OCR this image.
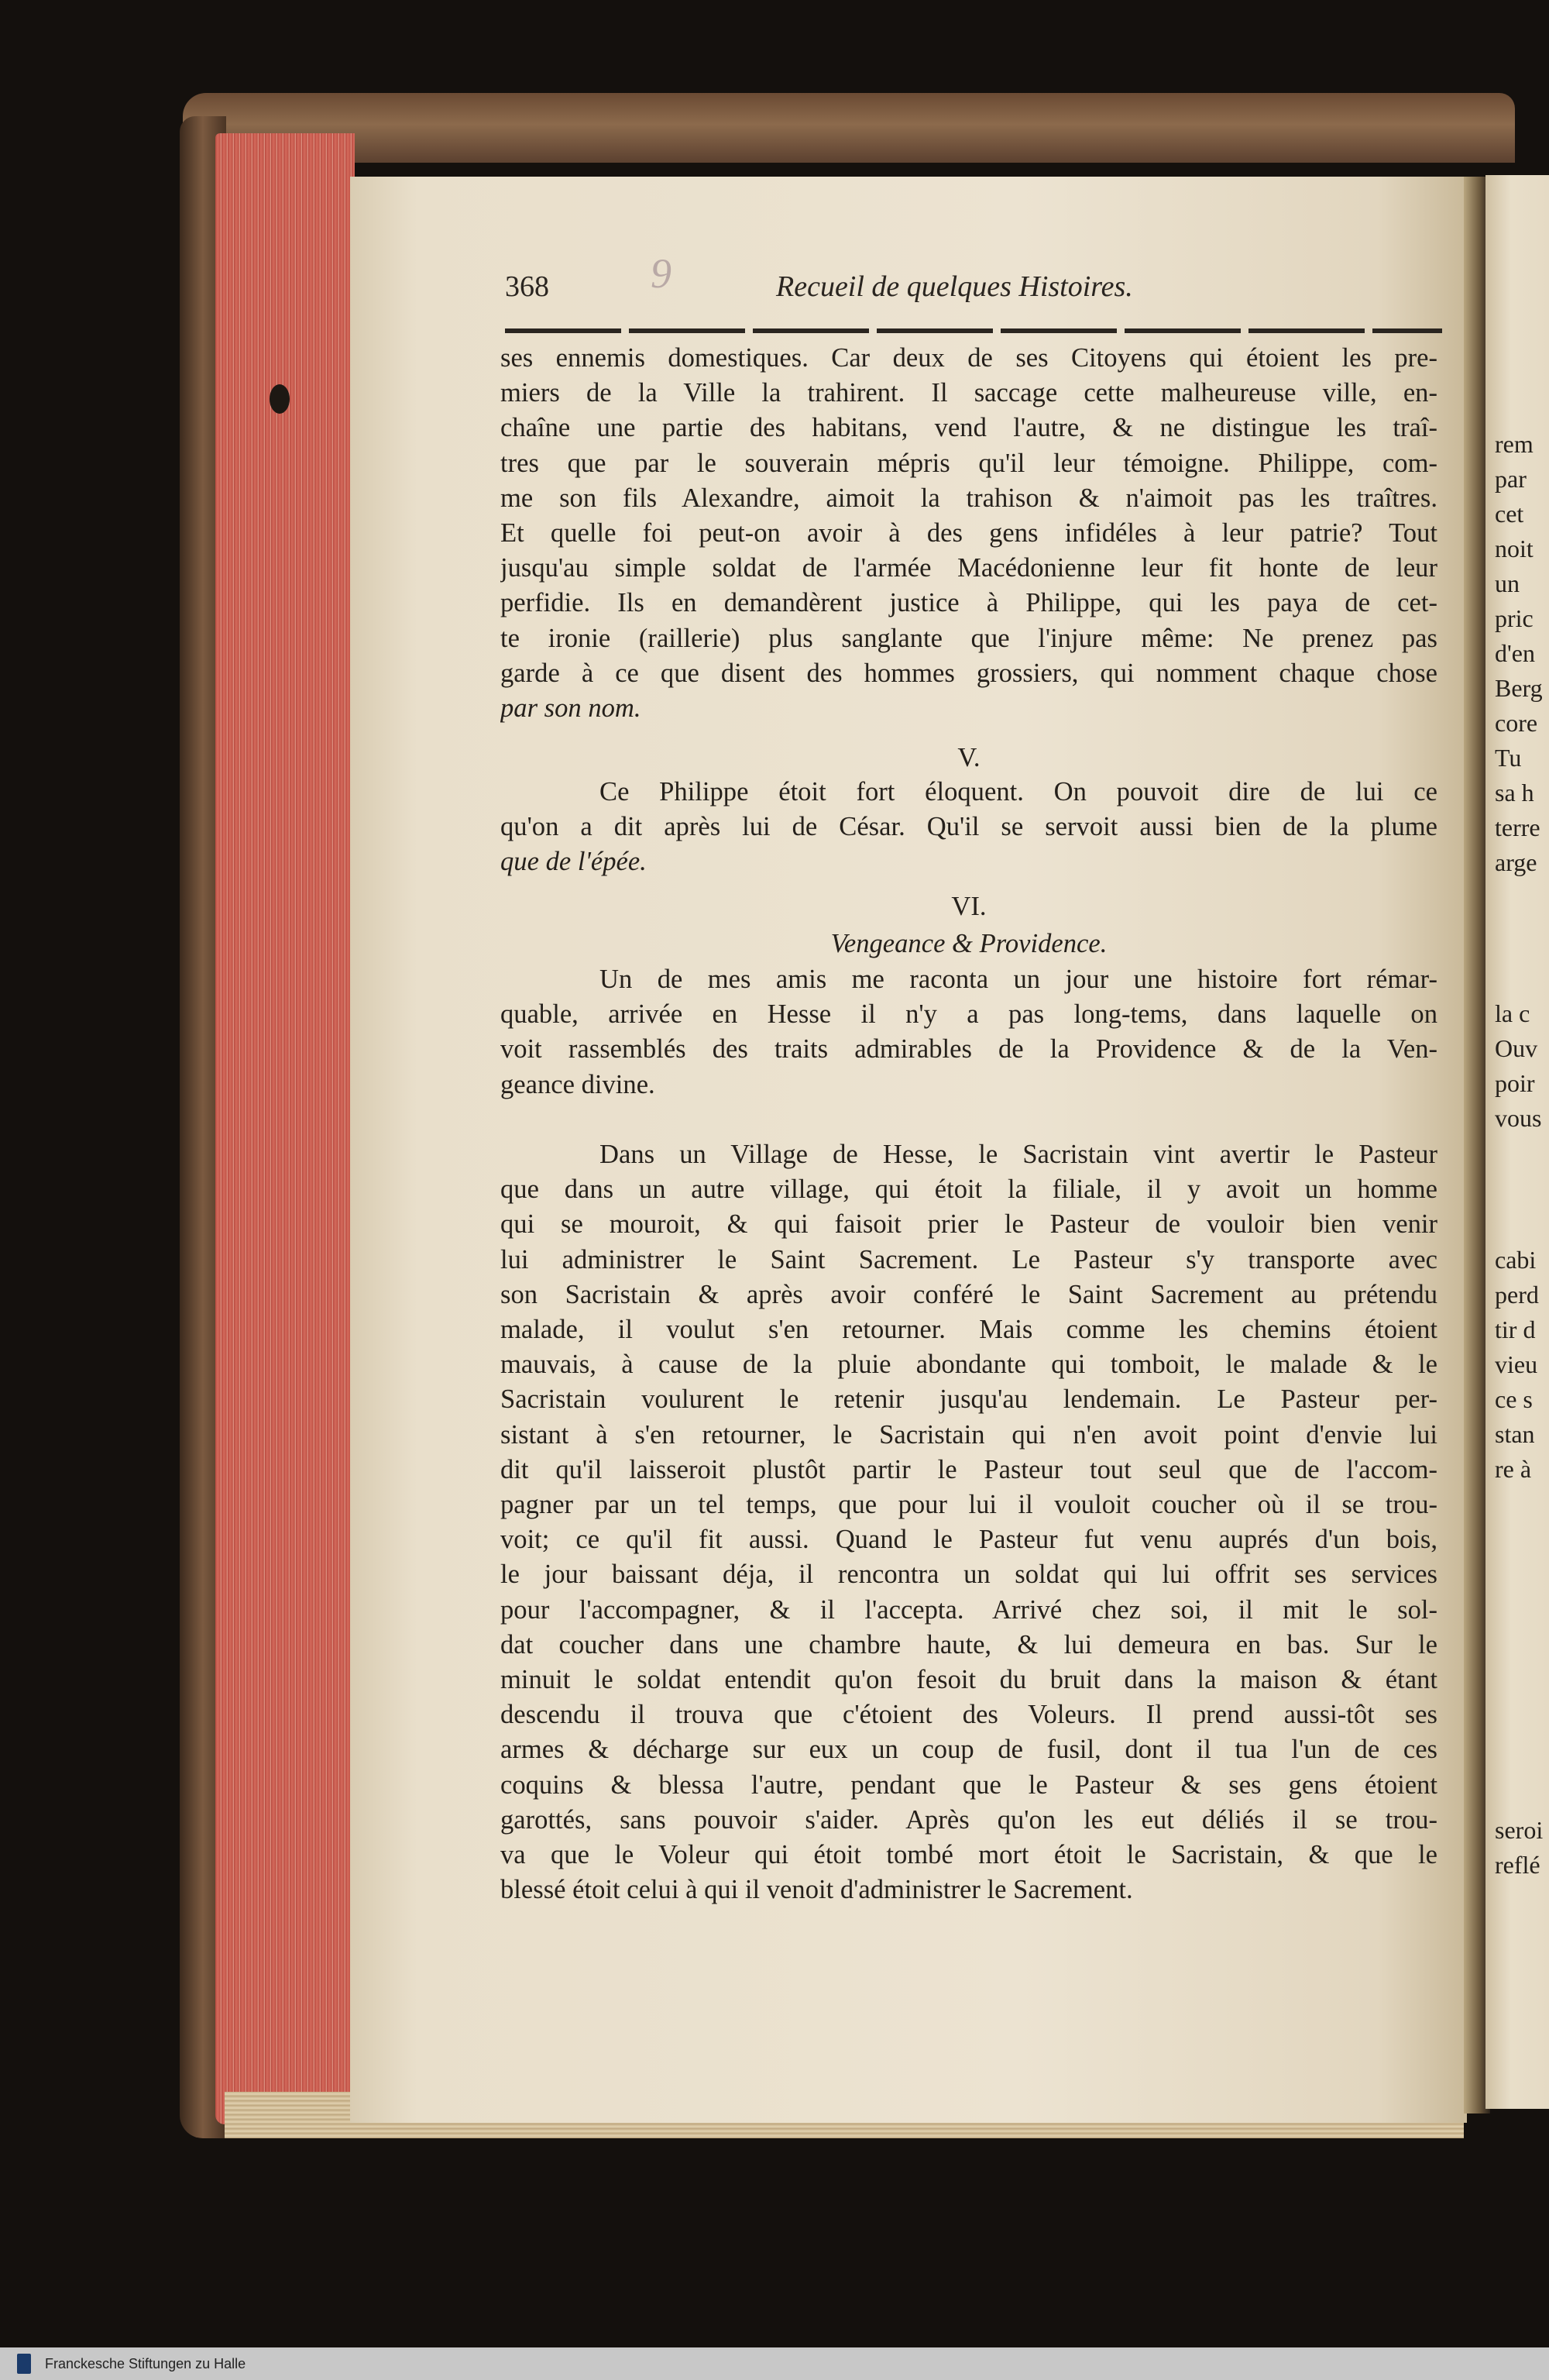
368 9	Recueil de quelques Histoires.
ses ennemis domestiques. Car deux de ses Citoyens qui étoient les pre-
miers de la Ville la trahirent. Il saccage cette malheureuse ville, en-
chaîne une partie des habitans, vend l'autre, & ne distingue les traî-
tres que par le souverain mépris qu'il leur témoigne. Philippe, com-
me son fils Alexandre, aimoit la trahison & n'aimoit pas les traîtres.
Et quelle foi peut-on avoir à des gens infidéles à leur patrie? Tout
jusqu'au simple soldat de l'armée Macédonienne leur fit honte de leur
perfidie. Ils en demandèrent justice à Philippe, qui les paya de cet-
te ironie (raillerie) plus sanglante que l'injure même: Ne prenez pas
garde à ce que disent des hommes grossiers, qui nomment chaque chose
par son nom.
V.
Ce Philippe étoit fort éloquent. On pouvoit dire de lui ce
qu'on a dit après lui de César. Qu'il se servoit aussi bien de la plume
que de l'épée.
VI.
Vengeance & Providence.
Un de mes amis me raconta un jour une histoire fort rémar-
quable, arrivée en Hesse il n'y a pas long-tems, dans laquelle on
voit rassemblés des traits admirables de la Providence & de la Ven-
geance divine.
Dans un Village de Hesse, le Sacristain vint avertir le Pasteur
que dans un autre village, qui étoit la filiale, il y avoit un homme
qui se mouroit, & qui faisoit prier le Pasteur de vouloir bien venir
lui administrer le Saint Sacrement. Le Pasteur s'y transporte avec
son Sacristain & après avoir conféré le Saint Sacrement au prétendu
malade, il voulut s'en retourner. Mais comme les chemins étoient
mauvais, à cause de la pluie abondante qui tomboit, le malade & le
Sacristain voulurent le retenir jusqu'au lendemain. Le Pasteur per-
sistant à s'en retourner, le Sacristain qui n'en avoit point d'envie lui
dit qu'il laisseroit plustôt partir le Pasteur tout seul que de l'accom-
pagner par un tel temps, que pour lui il vouloit coucher où il se trou-
voit; ce qu'il fit aussi. Quand le Pasteur fut venu auprés d'un bois,
le jour baissant déja, il rencontra un soldat qui lui offrit ses services
pour l'accompagner, & il l'accepta. Arrivé chez soi, il mit le sol-
dat coucher dans une chambre haute, & lui demeura en bas. Sur le
minuit le soldat entendit qu'on fesoit du bruit dans la maison & étant
descendu il trouva que c'étoient des Voleurs. Il prend aussi-tôt ses
armes & décharge sur eux un coup de fusil, dont il tua l'un de ces
coquins & blessa l'autre, pendant que le Pasteur & ses gens étoient
garottés, sans pouvoir s'aider. Après qu'on les eut déliés il se trou-
va que le Voleur qui étoit tombé mort étoit le Sacristain, & que le
blessé étoit celui à qui il venoit d'administrer le Sacrement.
rem
par
cet
noit
un
pric
d'en
Berg
core
Tu
sa h
terre
arge
la c
Ouv
poir
vous
cabi
perd
tir d
vieu
ce s
stan
re à
seroi
reflé
Franckesche Stiftungen zu Halle
